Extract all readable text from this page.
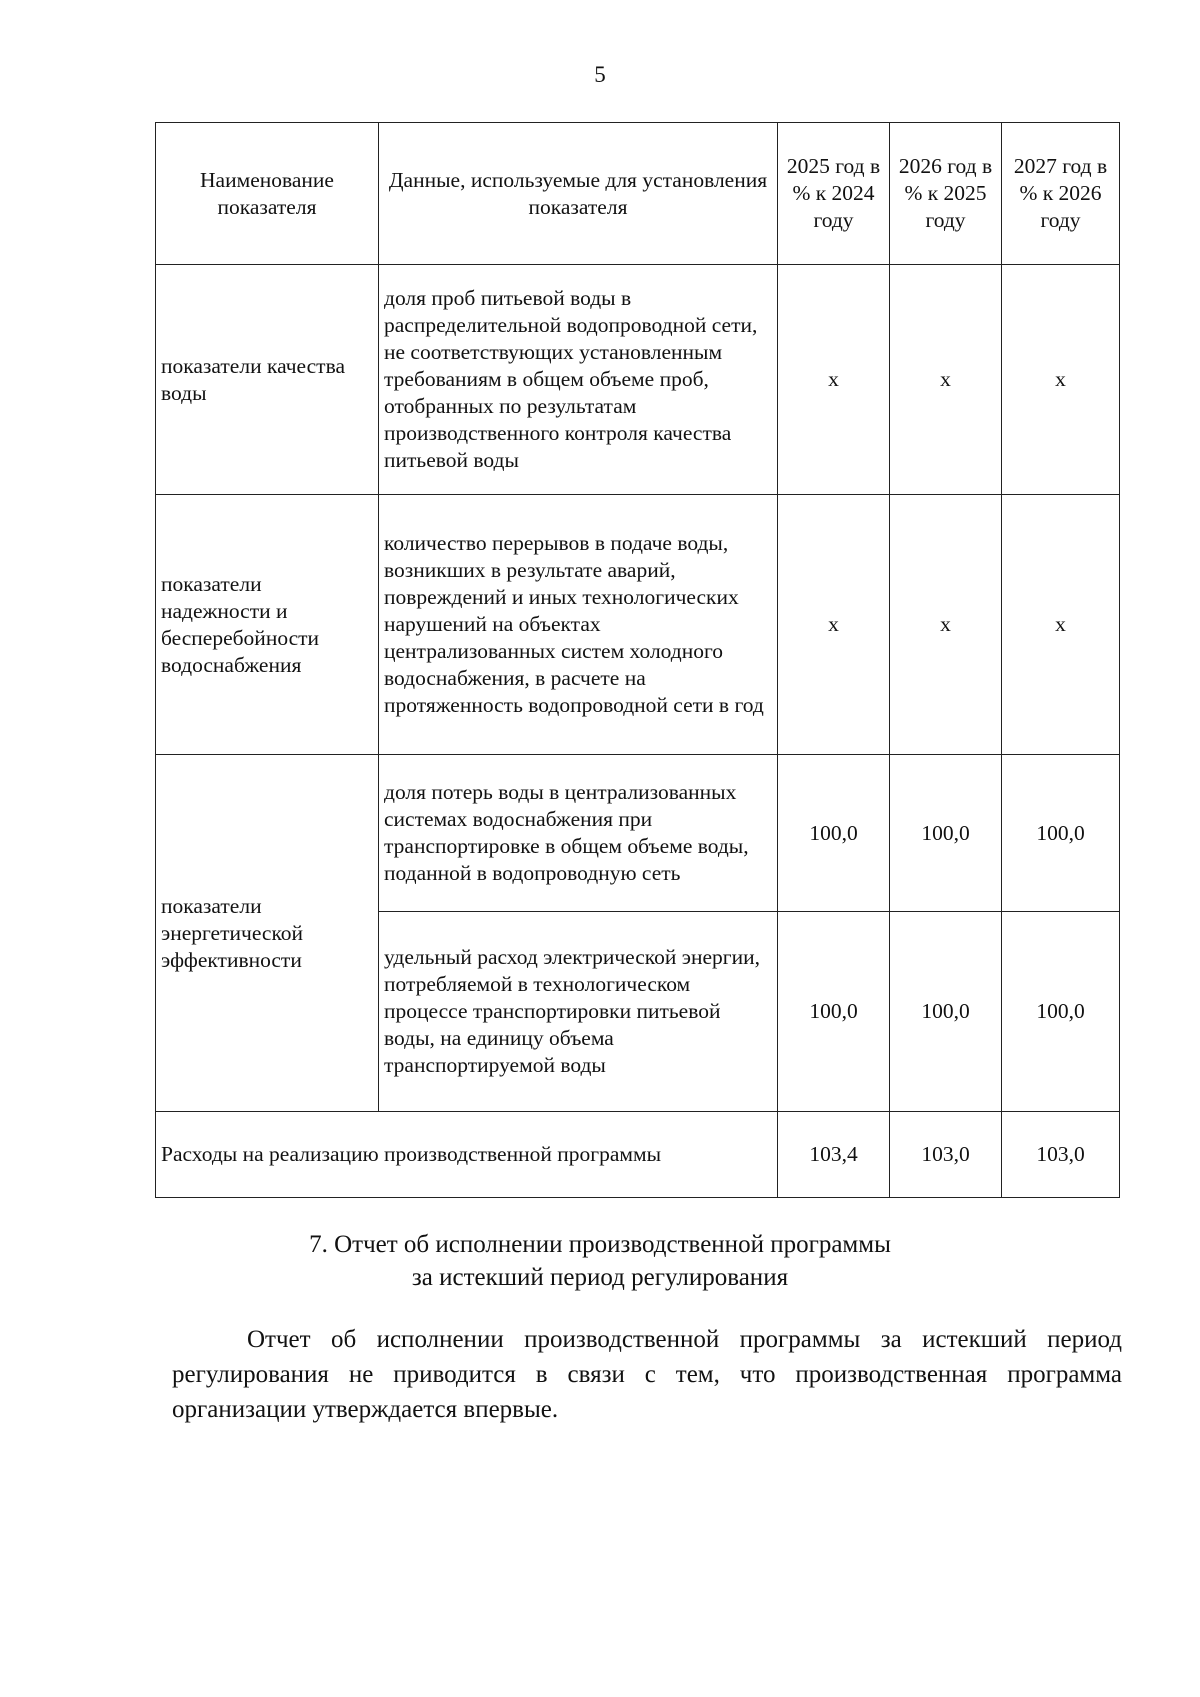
5
Наименование показателя	Данные, используемые для установления показателя	2025 год в % к 2024 году	2026 год в % к 2025 году	2027 год в % к 2026 году
показатели качества воды	доля проб питьевой воды в распределительной водопроводной сети, не соответствующих установленным требованиям в общем объеме проб, отобранных по результатам производственного контроля качества питьевой воды	x	x	x
показатели надежности и бесперебойности водоснабжения	количество перерывов в подаче воды, возникших в результате аварий, повреждений и иных технологических нарушений на объектах централизованных систем холодного водоснабжения, в расчете на протяженность водопроводной сети в год	x	x	x
показатели энергетической эффективности	доля потерь воды в централизованных системах водоснабжения при транспортировке в общем объеме воды, поданной в водопроводную сеть	100,0	100,0	100,0
	удельный расход электрической энергии, потребляемой в технологическом процессе транспортировки питьевой воды, на единицу объема транспортируемой воды	100,0	100,0	100,0
Расходы на реализацию производственной программы		103,4	103,0	103,0
7. Отчет об исполнении производственной программы
за истекший период регулирования

Отчет об исполнении производственной программы за истекший период регулирования не приводится в связи с тем, что производственная программа организации утверждается впервые.
